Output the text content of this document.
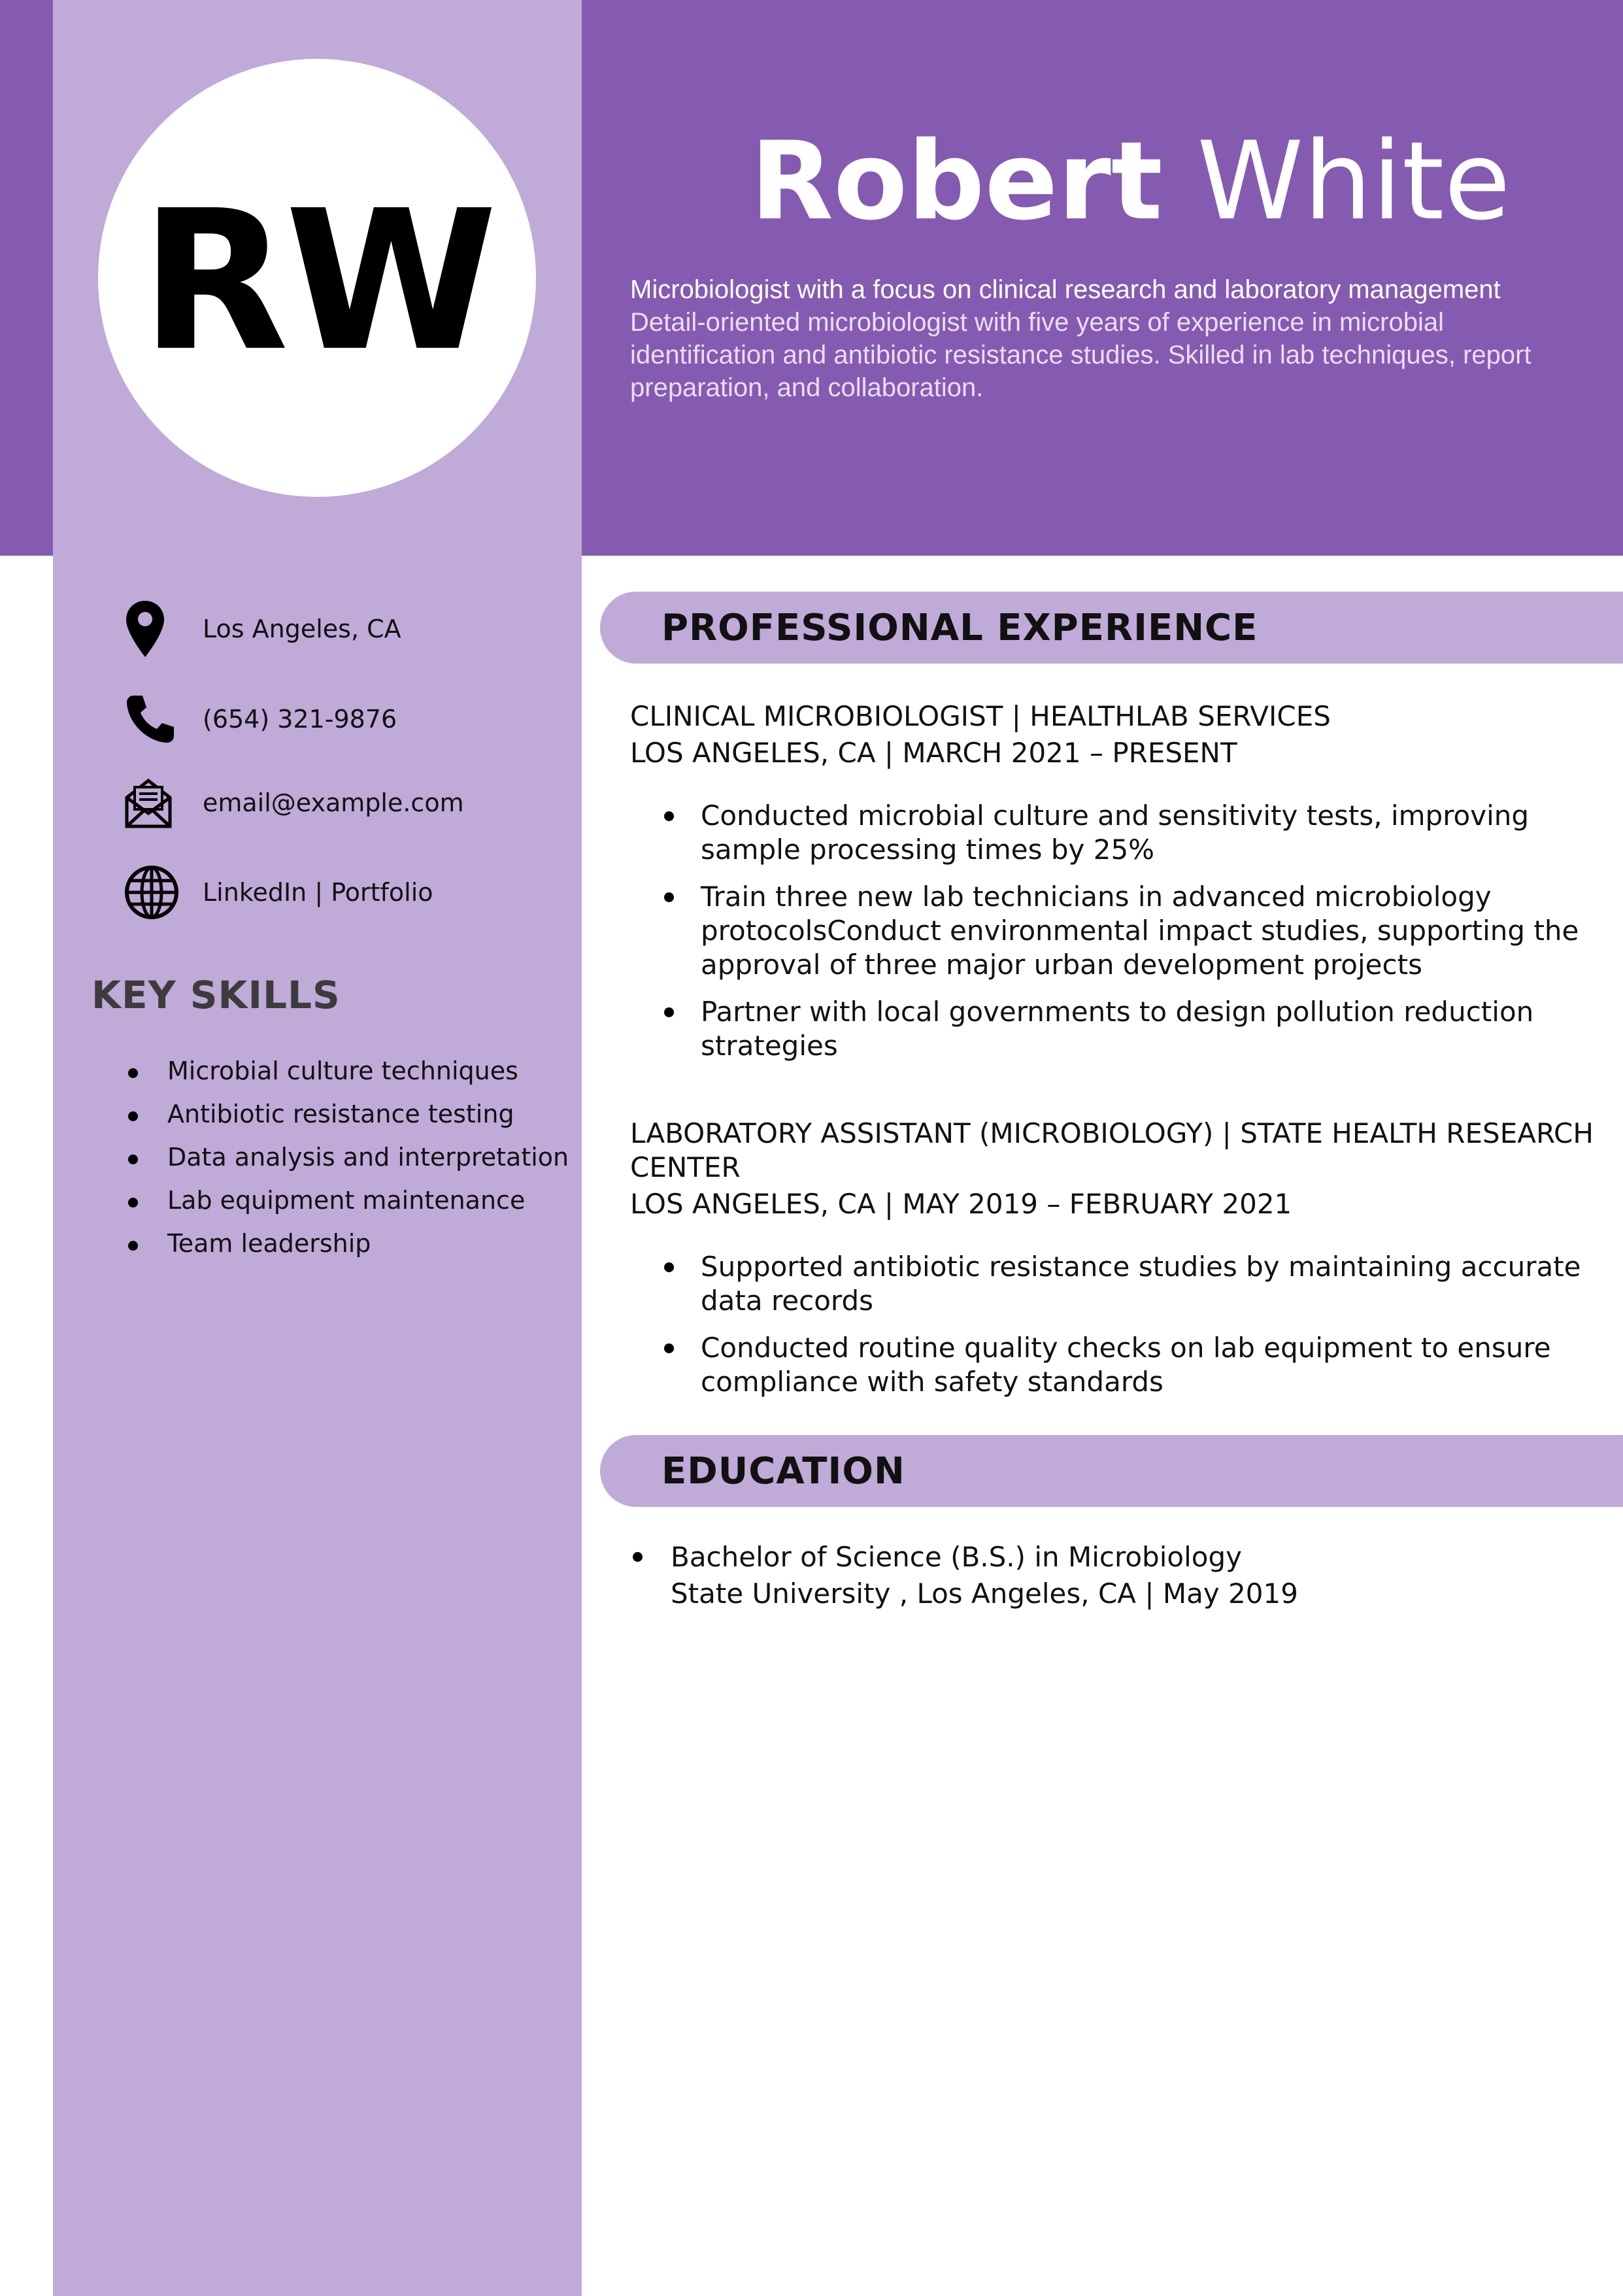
RW Robert White
Microbiologist with a focus on clinical research and laboratory management
Detail-oriented microbiologist with five years of experience in microbial identification and antibiotic resistance studies. Skilled in lab techniques, report preparation, and collaboration.
Los Angeles, CA
(654) 321-9876
email@example.com
LinkedIn | Portfolio
KEY SKILLS
Microbial culture techniques
Antibiotic resistance testing
Data analysis and interpretation
Lab equipment maintenance
Team leadership
PROFESSIONAL EXPERIENCE
CLINICAL MICROBIOLOGIST | HEALTHLAB SERVICES
LOS ANGELES, CA | MARCH 2021 – PRESENT
Conducted microbial culture and sensitivity tests, improving sample processing times by 25%
Train three new lab technicians in advanced microbiology protocolsConduct environmental impact studies, supporting the approval of three major urban development projects
Partner with local governments to design pollution reduction strategies
LABORATORY ASSISTANT (MICROBIOLOGY) | STATE HEALTH RESEARCH CENTER
LOS ANGELES, CA | MAY 2019 – FEBRUARY 2021
Supported antibiotic resistance studies by maintaining accurate data records
Conducted routine quality checks on lab equipment to ensure compliance with safety standards
EDUCATION
Bachelor of Science (B.S.) in Microbiology
State University , Los Angeles, CA | May 2019
